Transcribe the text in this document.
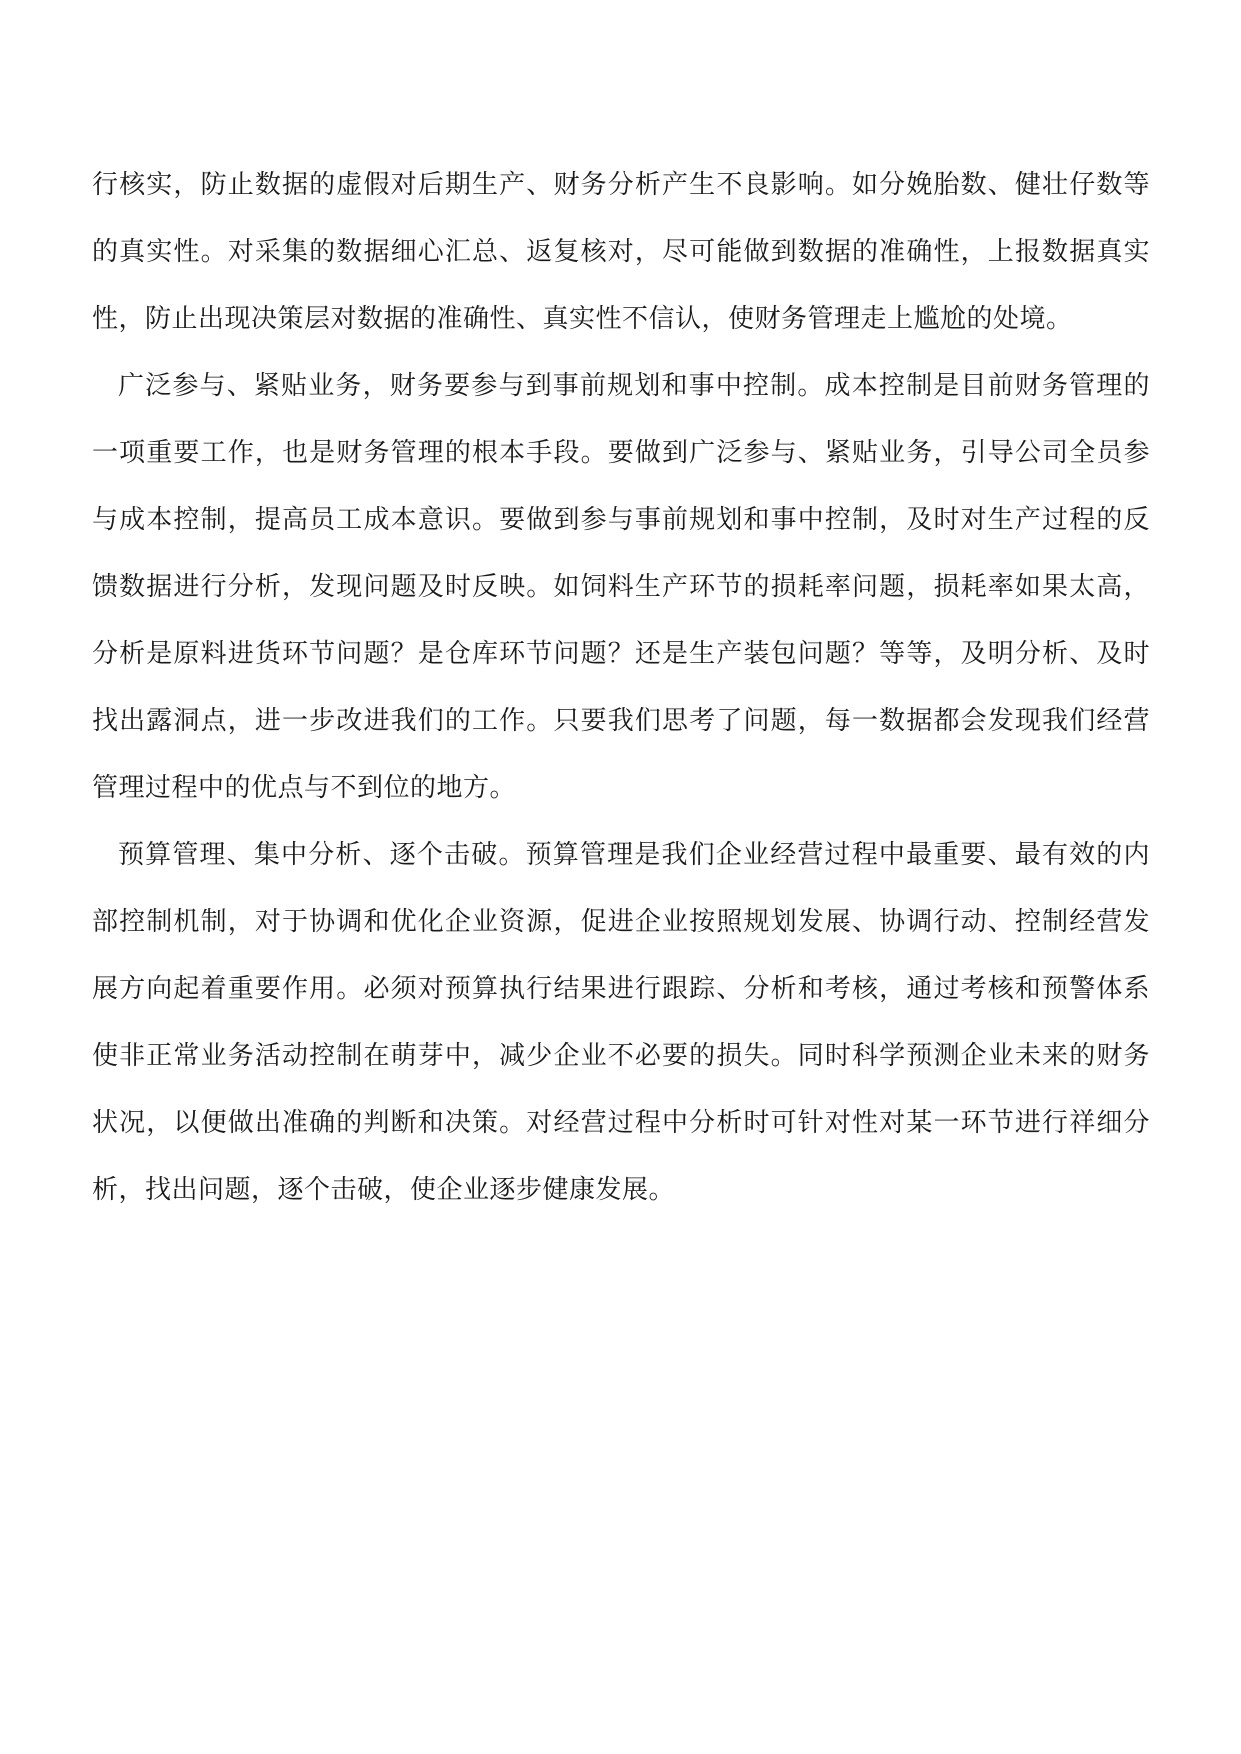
行核实，防止数据的虚假对后期生产、财务分析产生不良影响。如分娩胎数、健壮仔数等
的真实性。对采集的数据细心汇总、返复核对，尽可能做到数据的准确性，上报数据真实
性，防止出现决策层对数据的准确性、真实性不信认，使财务管理走上尴尬的处境。
广泛参与、紧贴业务，财务要参与到事前规划和事中控制。成本控制是目前财务管理的
一项重要工作，也是财务管理的根本手段。要做到广泛参与、紧贴业务，引导公司全员参
与成本控制，提高员工成本意识。要做到参与事前规划和事中控制，及时对生产过程的反
馈数据进行分析，发现问题及时反映。如饲料生产环节的损耗率问题，损耗率如果太高，
分析是原料进货环节问题？是仓库环节问题？还是生产装包问题？等等，及明分析、及时
找出露洞点，进一步改进我们的工作。只要我们思考了问题，每一数据都会发现我们经营
管理过程中的优点与不到位的地方。
预算管理、集中分析、逐个击破。预算管理是我们企业经营过程中最重要、最有效的内
部控制机制，对于协调和优化企业资源，促进企业按照规划发展、协调行动、控制经营发
展方向起着重要作用。必须对预算执行结果进行跟踪、分析和考核，通过考核和预警体系
使非正常业务活动控制在萌芽中，减少企业不必要的损失。同时科学预测企业未来的财务
状况，以便做出准确的判断和决策。对经营过程中分析时可针对性对某一环节进行祥细分
析，找出问题，逐个击破，使企业逐步健康发展。
